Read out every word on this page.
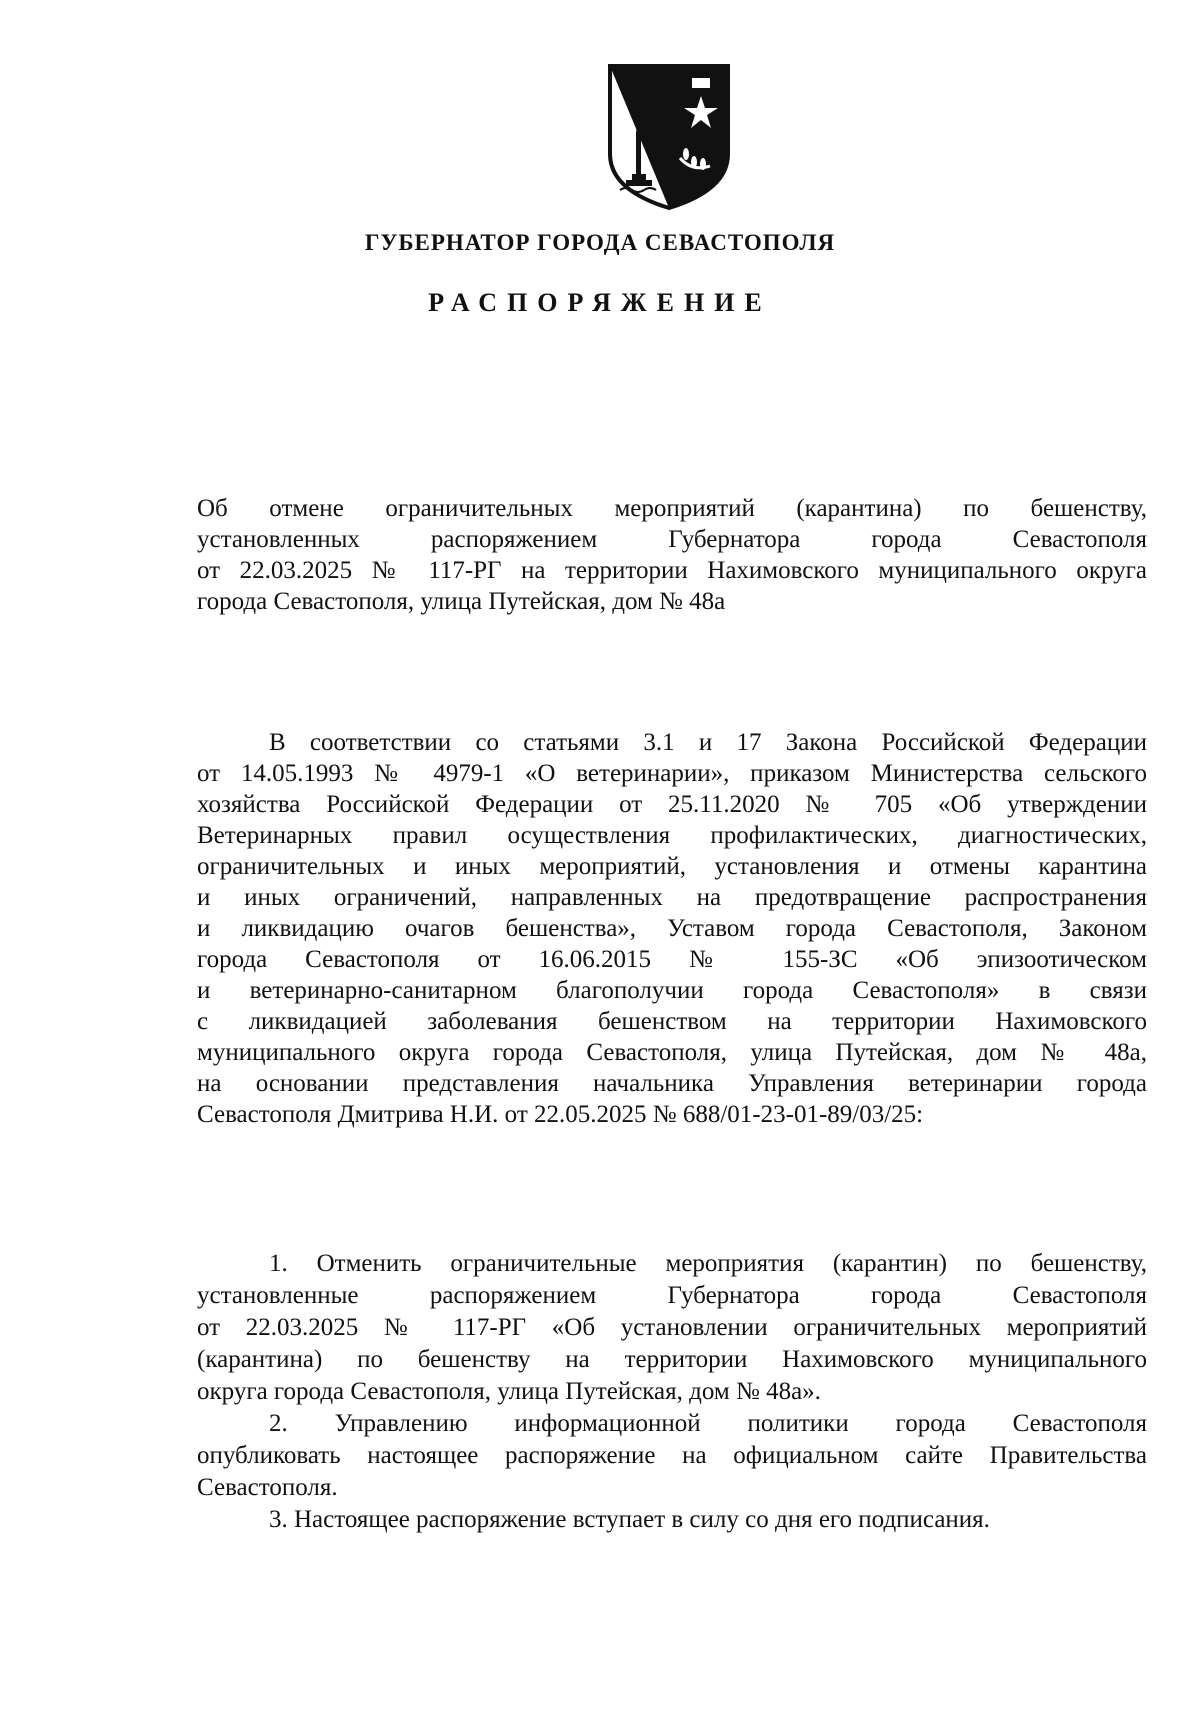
ГУБЕРНАТОР ГОРОДА СЕВАСТОПОЛЯ
РАСПОРЯЖЕНИЕ
Об отмене ограничительных мероприятий (карантина) по бешенству,
установленных распоряжением Губернатора города Севастополя
от 22.03.2025 № 117-РГ на территории Нахимовского муниципального округа
города Севастополя, улица Путейская, дом № 48а
В соответствии со статьями 3.1 и 17 Закона Российской Федерации
от 14.05.1993 № 4979-1 «О ветеринарии», приказом Министерства сельского
хозяйства Российской Федерации от 25.11.2020 № 705 «Об утверждении
Ветеринарных правил осуществления профилактических, диагностических,
ограничительных и иных мероприятий, установления и отмены карантина
и иных ограничений, направленных на предотвращение распространения
и ликвидацию очагов бешенства», Уставом города Севастополя, Законом
города Севастополя от 16.06.2015 № 155-ЗС «Об эпизоотическом
и ветеринарно-санитарном благополучии города Севастополя» в связи
с ликвидацией заболевания бешенством на территории Нахимовского
муниципального округа города Севастополя, улица Путейская, дом № 48а,
на основании представления начальника Управления ветеринарии города
Севастополя Дмитрива Н.И. от 22.05.2025 № 688/01-23-01-89/03/25:
1. Отменить ограничительные мероприятия (карантин) по бешенству,
установленные распоряжением Губернатора города Севастополя
от 22.03.2025 № 117-РГ «Об установлении ограничительных мероприятий
(карантина) по бешенству на территории Нахимовского муниципального
округа города Севастополя, улица Путейская, дом № 48а».
2. Управлению информационной политики города Севастополя
опубликовать настоящее распоряжение на официальном сайте Правительства
Севастополя.
3. Настоящее распоряжение вступает в силу со дня его подписания.
